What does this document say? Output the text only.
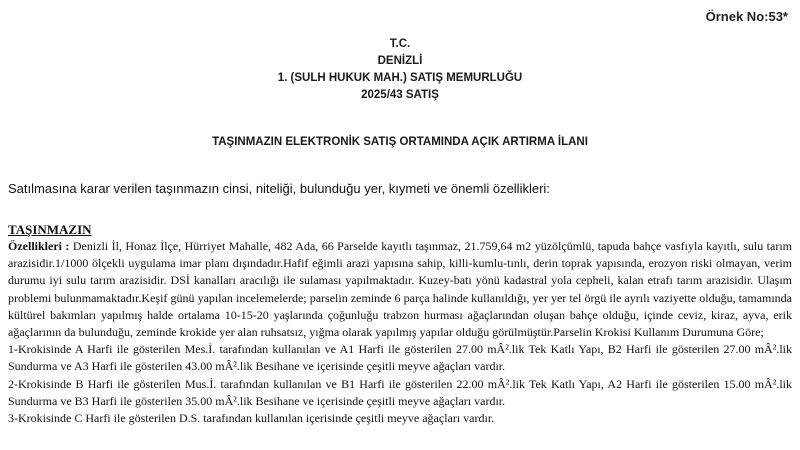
Örnek No:53*
T.C.
DENİZLİ
1. (SULH HUKUK MAH.) SATIŞ MEMURLUĞU
2025/43 SATIŞ
TAŞINMAZIN ELEKTRONİK SATIŞ ORTAMINDA AÇIK ARTIRMA İLANI
Satılmasına karar verilen taşınmazın cinsi, niteliği, bulunduğu yer, kıymeti ve önemli özellikleri:
TAŞINMAZIN

Özellikleri : Denizli İl, Honaz İlçe, Hürriyet Mahalle, 482 Ada, 66 Parselde kayıtlı taşınmaz, 21.759,64 m2 yüzölçümlü, tapuda bahçe vasfıyla kayıtlı, sulu tarım arazisidir.1/1000 ölçekli uygulama imar planı dışındadır.Hafif eğimli arazi yapısına sahip, killi-kumlu-tınlı, derin toprak yapısında, erozyon riski olmayan, verim durumu iyi sulu tarım arazisidir. DSİ kanalları aracılığı ile sulaması yapılmaktadır. Kuzey-batı yönü kadastral yola cepheli, kalan etrafı tarım arazisidir. Ulaşım problemi bulunmamaktadır.Keşif günü yapılan incelemelerde; parselin zeminde 6 parça halinde kullanıldığı, yer yer tel örgü ile ayrılı vaziyette olduğu, tamamında kültürel bakımları yapılmış halde ortalama 10-15-20 yaşlarında çoğunluğu trabzon hurması ağaçlarından oluşan bahçe olduğu, içinde ceviz, kiraz, ayva, erik ağaçlarının da bulunduğu, zeminde krokide yer alan ruhsatsız, yığma olarak yapılmış yapılar olduğu görülmüştür.Parselin Krokisi Kullanım Durumuna Göre;

1-Krokisinde A Harfi ile gösterilen Mes.İ. tarafından kullanılan ve A1 Harfi ile gösterilen 27.00 mÂ².lik Tek Katlı Yapı, B2 Harfi ile gösterilen 27.00 mÂ².lik Sundurma ve A3 Harfi ile gösterilen 43.00 mÂ².lik Besihane ve içerisinde çeşitli meyve ağaçları vardır.

2-Krokisinde B Harfi ile gösterilen Mus.İ. tarafından kullanılan ve B1 Harfi ile gösterilen 22.00 mÂ².lik Tek Katlı Yapı, A2 Harfi ile gösterilen 15.00 mÂ².lik Sundurma ve B3 Harfi ile gösterilen 35.00 mÂ².lik Besihane ve içerisinde çeşitli meyve ağaçları vardır.

3-Krokisinde C Harfi ile gösterilen D.S. tarafından kullanılan içerisinde çeşitli meyve ağaçları vardır.
